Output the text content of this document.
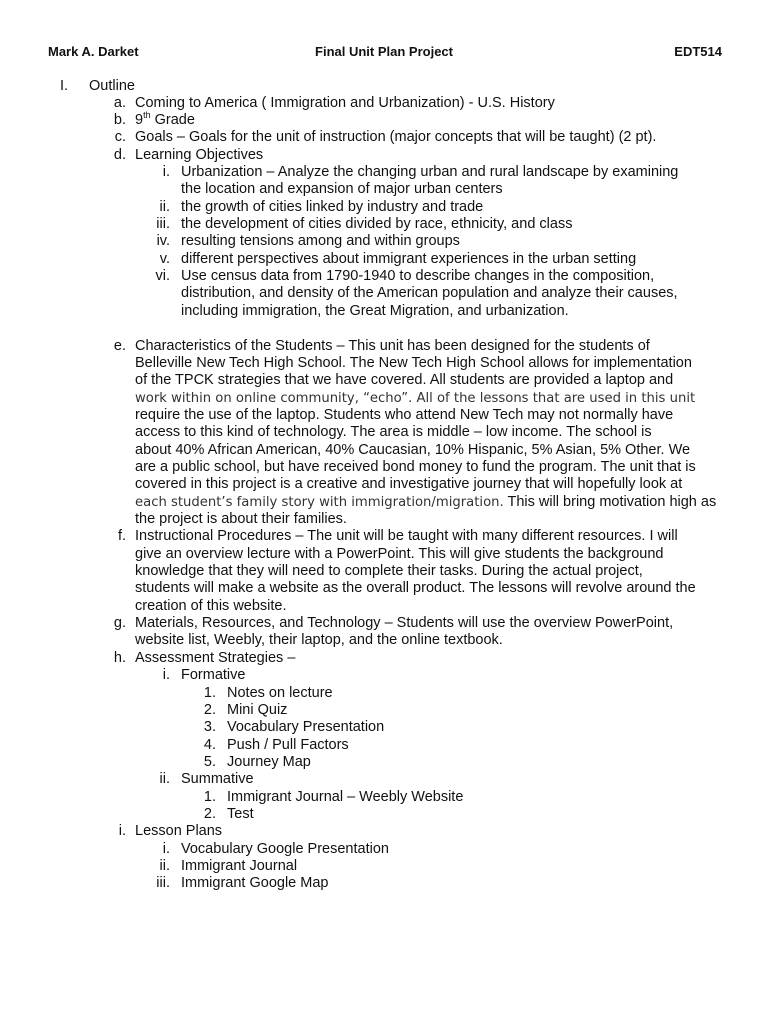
Mark A. Darket	Final Unit Plan Project	EDT514
I. Outline
a. Coming to America ( Immigration and Urbanization) - U.S. History
b. 9th Grade
c. Goals – Goals for the unit of instruction (major concepts that will be taught) (2 pt).
d. Learning Objectives
i. Urbanization – Analyze the changing urban and rural landscape by examining
the location and expansion of major urban centers
ii. the growth of cities linked by industry and trade
iii. the development of cities divided by race, ethnicity, and class
iv. resulting tensions among and within groups
v. different perspectives about immigrant experiences in the urban setting
vi. Use census data from 1790-1940 to describe changes in the composition,
distribution, and density of the American population and analyze their causes,
including immigration, the Great Migration, and urbanization.
e. Characteristics of the Students – This unit has been designed for the students of
Belleville New Tech High School. The New Tech High School allows for implementation
of the TPCK strategies that we have covered. All students are provided a laptop and
work within on online community, “echo”. All of the lessons that are used in this unit
require the use of the laptop. Students who attend New Tech may not normally have
access to this kind of technology. The area is middle – low income. The school is
about 40% African American, 40% Caucasian, 10% Hispanic, 5% Asian, 5% Other. We
are a public school, but have received bond money to fund the program. The unit that is
covered in this project is a creative and investigative journey that will hopefully look at
each student’s family story with immigration/migration. This will bring motivation high as
the project is about their families.
f. Instructional Procedures – The unit will be taught with many different resources. I will
give an overview lecture with a PowerPoint. This will give students the background
knowledge that they will need to complete their tasks. During the actual project,
students will make a website as the overall product. The lessons will revolve around the
creation of this website.
g. Materials, Resources, and Technology – Students will use the overview PowerPoint,
website list, Weebly, their laptop, and the online textbook.
h. Assessment Strategies –
i. Formative
1. Notes on lecture
2. Mini Quiz
3. Vocabulary Presentation
4. Push / Pull Factors
5. Journey Map
ii. Summative
1. Immigrant Journal – Weebly Website
2. Test
i. Lesson Plans
i. Vocabulary Google Presentation
ii. Immigrant Journal
iii. Immigrant Google Map
